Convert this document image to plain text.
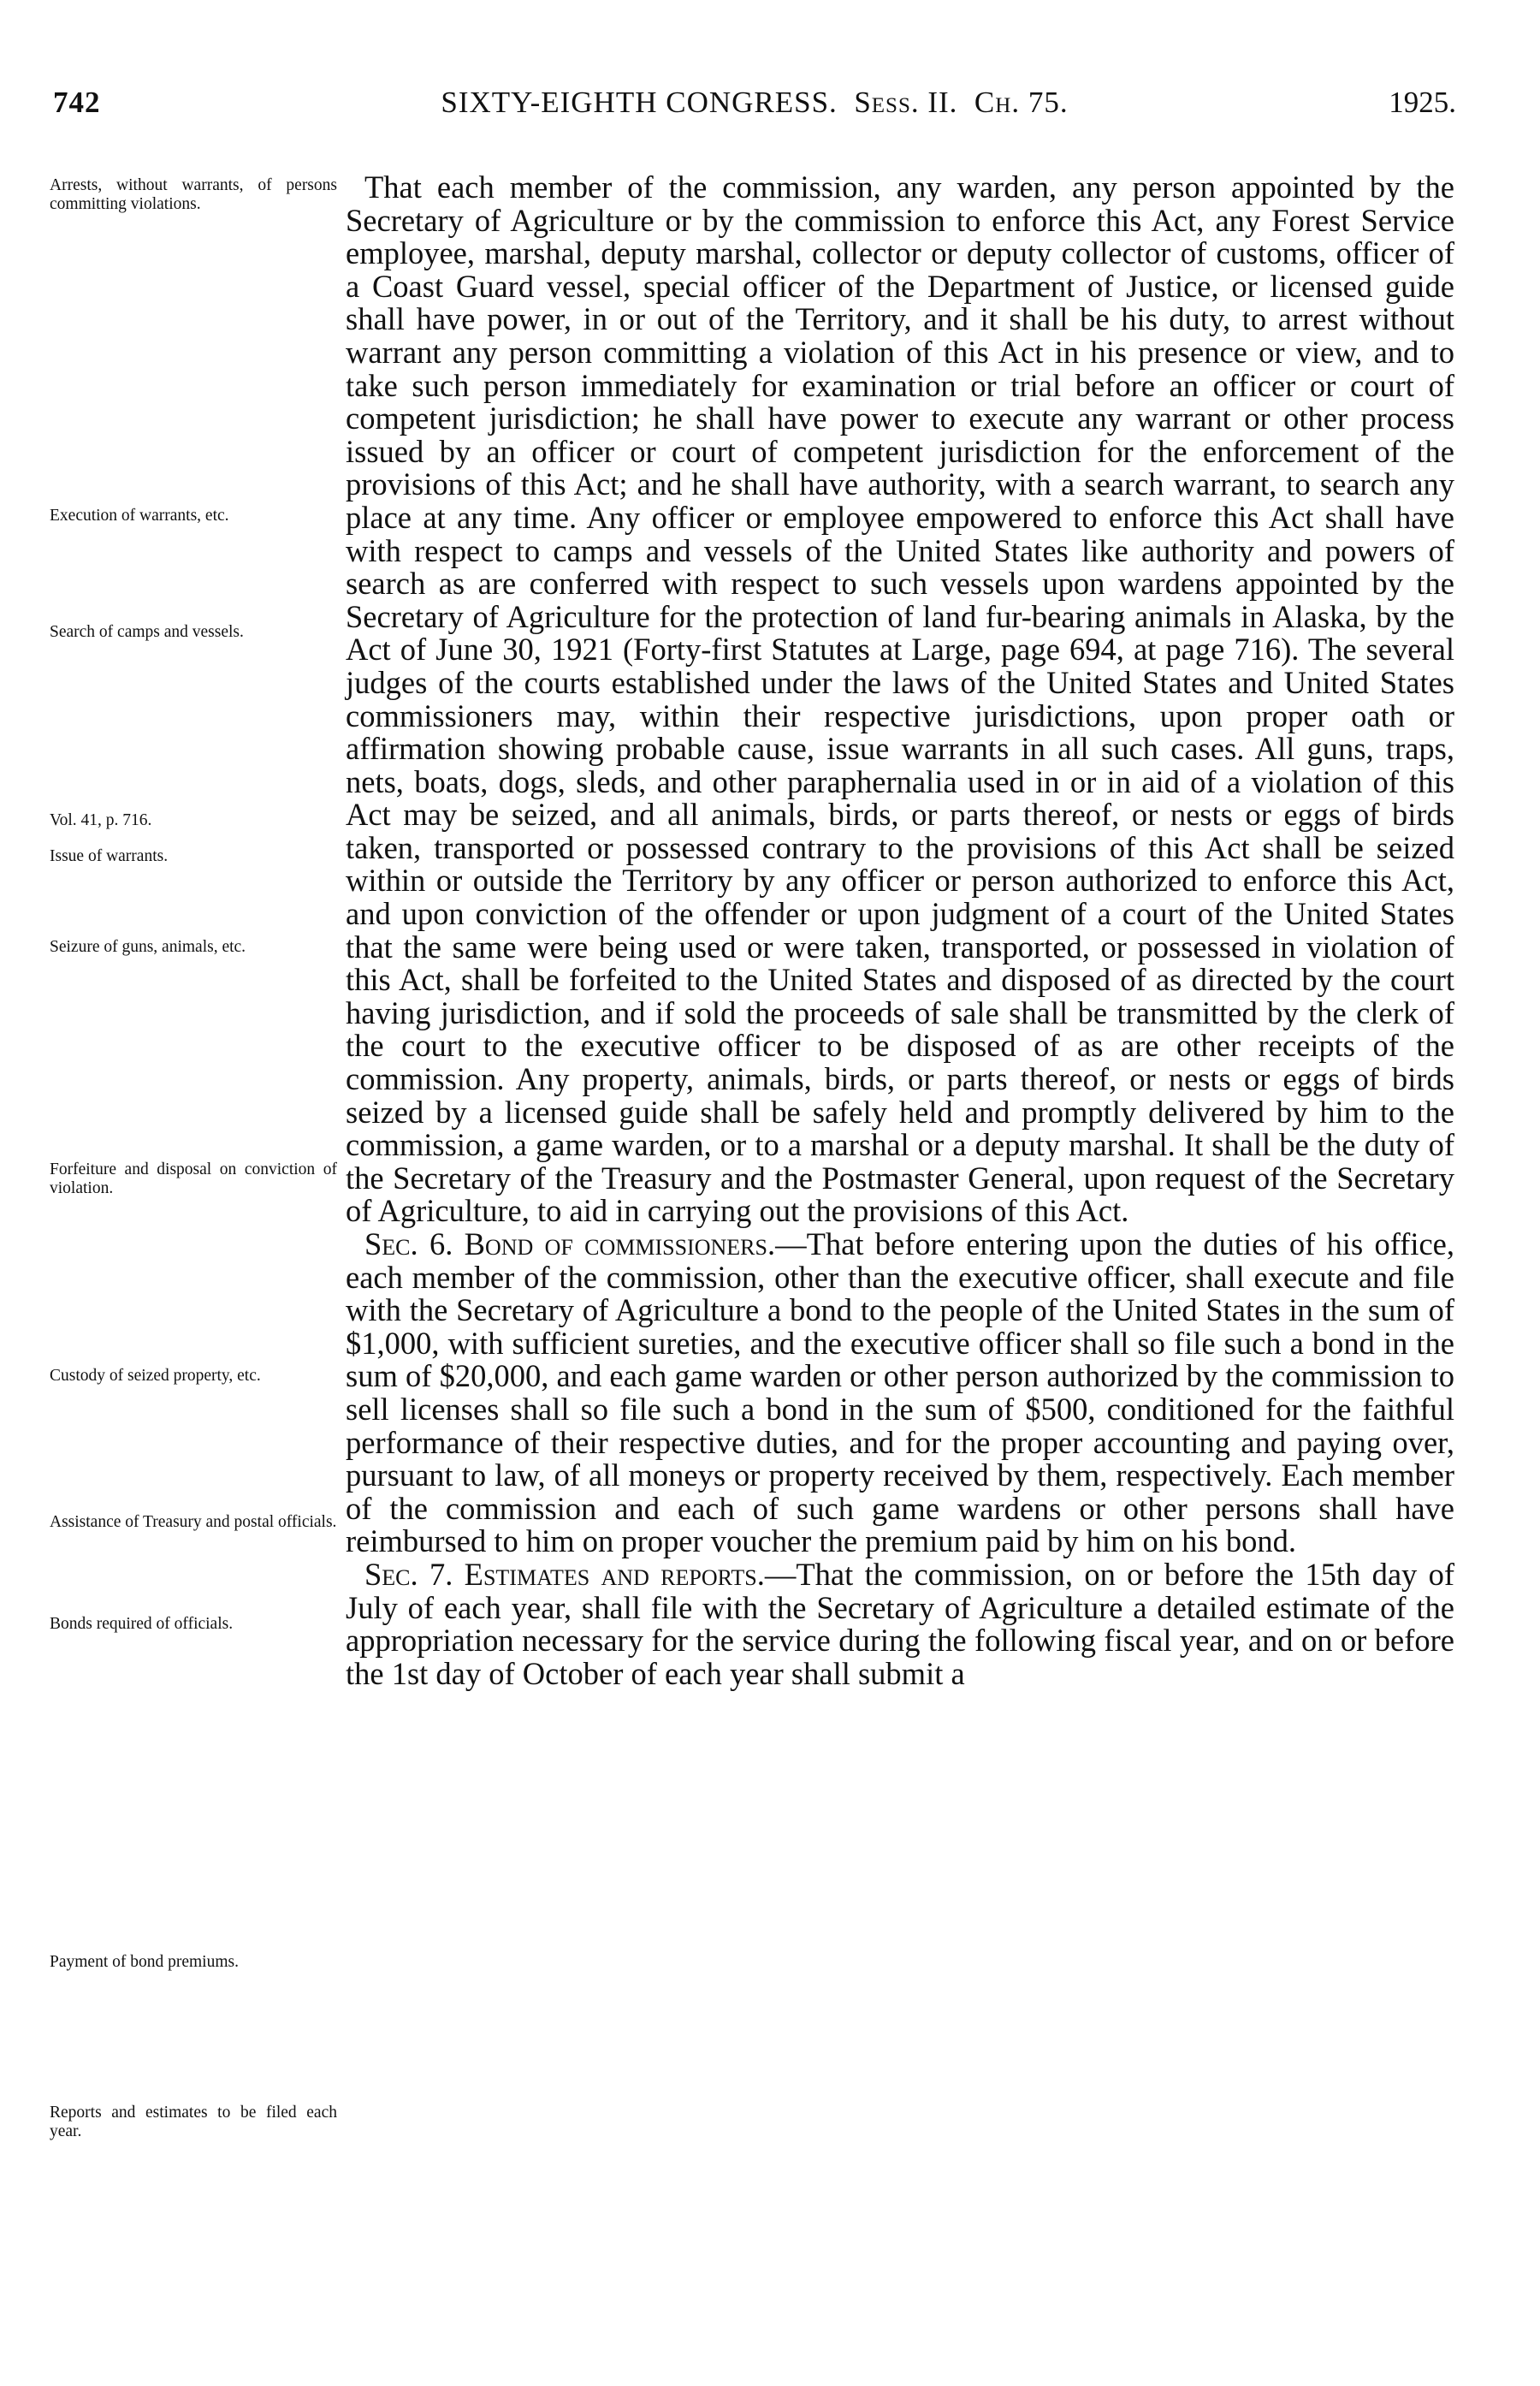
742	SIXTY-EIGHTH CONGRESS. Sess. II. Ch. 75.	1925.
Arrests, without warrants, of persons committing violations.
Execution of warrants, etc.
Search of camps and vessels.
Vol. 41, p. 716.
Issue of warrants.
Seizure of guns, animals, etc.
Forfeiture and disposal on conviction of violation.
Custody of seized property, etc.
Assistance of Treasury and postal officials.
Bonds required of officials.
Payment of bond premiums.
Reports and estimates to be filed each year.

That each member of the commission, any warden, any person appointed by the Secretary of Agriculture or by the commission to enforce this Act, any Forest Service employee, marshal, deputy marshal, collector or deputy collector of customs, officer of a Coast Guard vessel, special officer of the Department of Justice, or licensed guide shall have power, in or out of the Territory, and it shall be his duty, to arrest without warrant any person committing a violation of this Act in his presence or view, and to take such person immediately for examination or trial before an officer or court of competent jurisdiction; he shall have power to execute any warrant or other process issued by an officer or court of competent jurisdiction for the enforcement of the provisions of this Act; and he shall have authority, with a search warrant, to search any place at any time. Any officer or employee empowered to enforce this Act shall have with respect to camps and vessels of the United States like authority and powers of search as are conferred with respect to such vessels upon wardens appointed by the Secretary of Agriculture for the protection of land fur-bearing animals in Alaska, by the Act of June 30, 1921 (Forty-first Statutes at Large, page 694, at page 716). The several judges of the courts established under the laws of the United States and United States commissioners may, within their respective jurisdictions, upon proper oath or affirmation showing probable cause, issue warrants in all such cases. All guns, traps, nets, boats, dogs, sleds, and other paraphernalia used in or in aid of a violation of this Act may be seized, and all animals, birds, or parts thereof, or nests or eggs of birds taken, transported or possessed contrary to the provisions of this Act shall be seized within or outside the Territory by any officer or person authorized to enforce this Act, and upon conviction of the offender or upon judgment of a court of the United States that the same were being used or were taken, transported, or possessed in violation of this Act, shall be forfeited to the United States and disposed of as directed by the court having jurisdiction, and if sold the proceeds of sale shall be transmitted by the clerk of the court to the executive officer to be disposed of as are other receipts of the commission. Any property, animals, birds, or parts thereof, or nests or eggs of birds seized by a licensed guide shall be safely held and promptly delivered by him to the commission, a game warden, or to a marshal or a deputy marshal. It shall be the duty of the Secretary of the Treasury and the Postmaster General, upon request of the Secretary of Agriculture, to aid in carrying out the provisions of this Act.

Sec. 6. Bond of commissioners.—That before entering upon the duties of his office, each member of the commission, other than the executive officer, shall execute and file with the Secretary of Agriculture a bond to the people of the United States in the sum of $1,000, with sufficient sureties, and the executive officer shall so file such a bond in the sum of $20,000, and each game warden or other person authorized by the commission to sell licenses shall so file such a bond in the sum of $500, conditioned for the faithful performance of their respective duties, and for the proper accounting and paying over, pursuant to law, of all moneys or property received by them, respectively. Each member of the commission and each of such game wardens or other persons shall have reimbursed to him on proper voucher the premium paid by him on his bond.

Sec. 7. Estimates and reports.—That the commission, on or before the 15th day of July of each year, shall file with the Secretary of Agriculture a detailed estimate of the appropriation necessary for the service during the following fiscal year, and on or before the 1st day of October of each year shall submit a
